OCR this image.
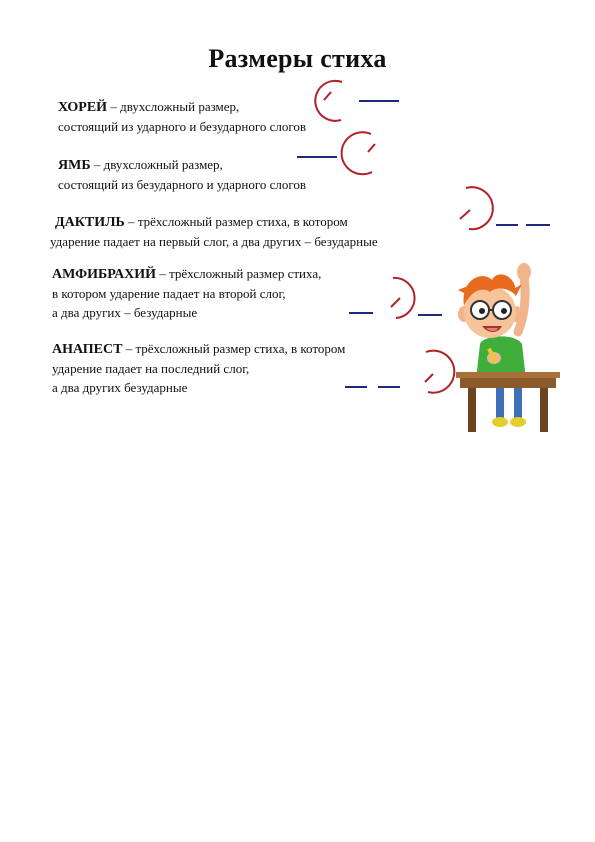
Размеры стиха
ХОРЕЙ – двухсложный размер,
состоящий из ударного и безударного слогов
ЯМБ – двухсложный размер,
состоящий из безударного и ударного слогов
ДАКТИЛЬ – трёхсложный размер стиха, в котором
ударение падает на первый слог, а два других – безударные
АМФИБРАХИЙ – трёхсложный размер стиха,
в котором ударение падает на второй слог,
а два других – безударные
АНАПЕСТ – трёхсложный размер стиха, в котором
ударение падает на последний слог,
а два других безударные
